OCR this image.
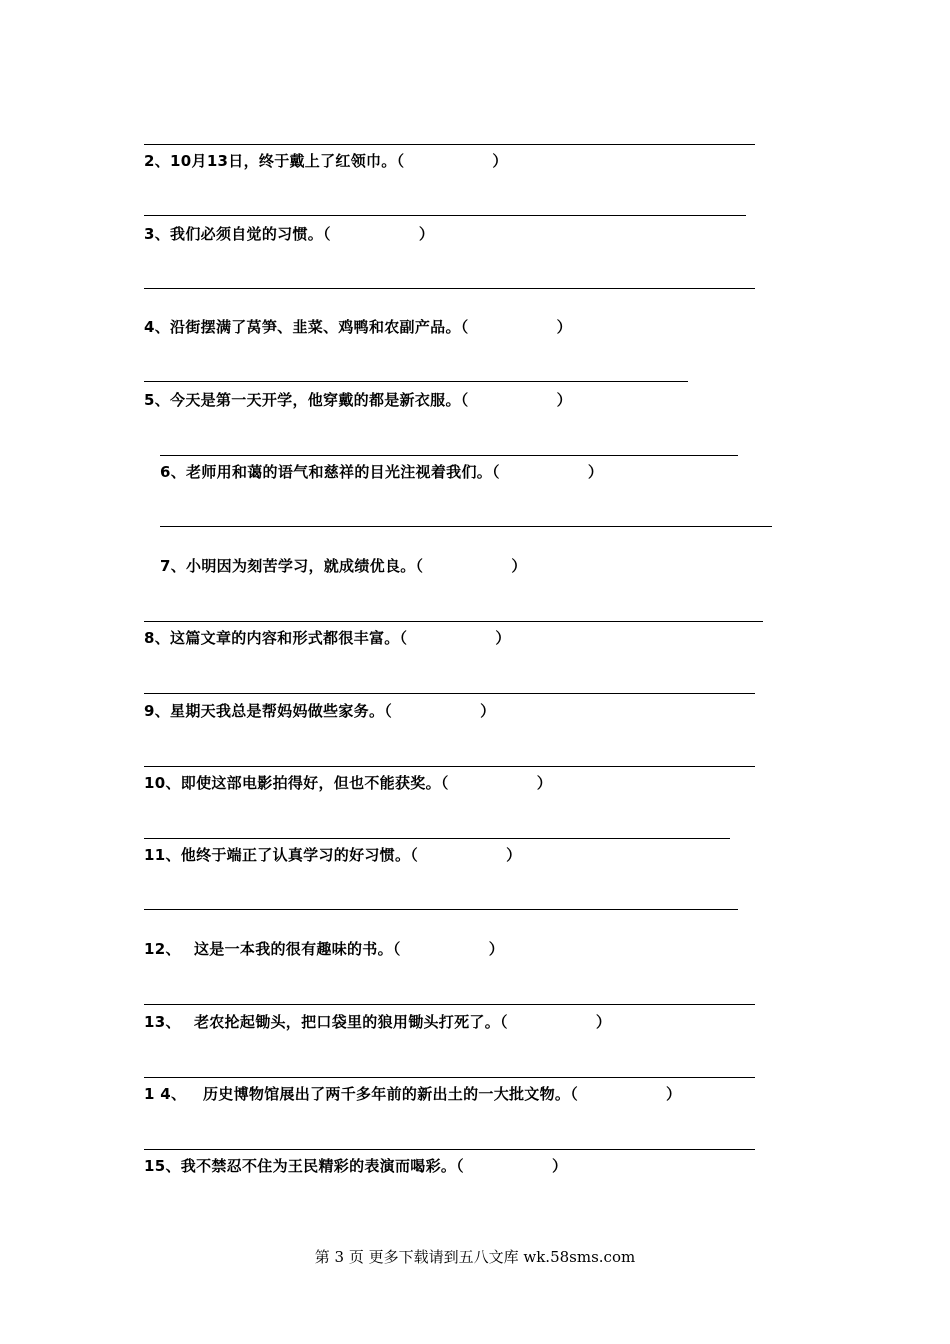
2、10月13日，终于戴上了红领巾。（	）
3、我们必须自觉的习惯。（	）
4、沿街摆满了莴笋、韭菜、鸡鸭和农副产品。（	）
5、今天是第一天开学，他穿戴的都是新衣服。（	）
6、老师用和蔼的语气和慈祥的目光注视着我们。（	）
7、小明因为刻苦学习，就成绩优良。（	）
8、这篇文章的内容和形式都很丰富。（	）
9、星期天我总是帮妈妈做些家务。（	）
10、即使这部电影拍得好，但也不能获奖。（	）
11、他终于端正了认真学习的好习惯。（	）
12、 这是一本我的很有趣味的书。（	）
13、 老农抡起锄头，把口袋里的狼用锄头打死了。（	）
1 4、 历史博物馆展出了两千多年前的新出土的一大批文物。（	）
15、我不禁忍不住为王民精彩的表演而喝彩。（	）
第 3 页 更多下载请到五八文库 wk.58sms.com
